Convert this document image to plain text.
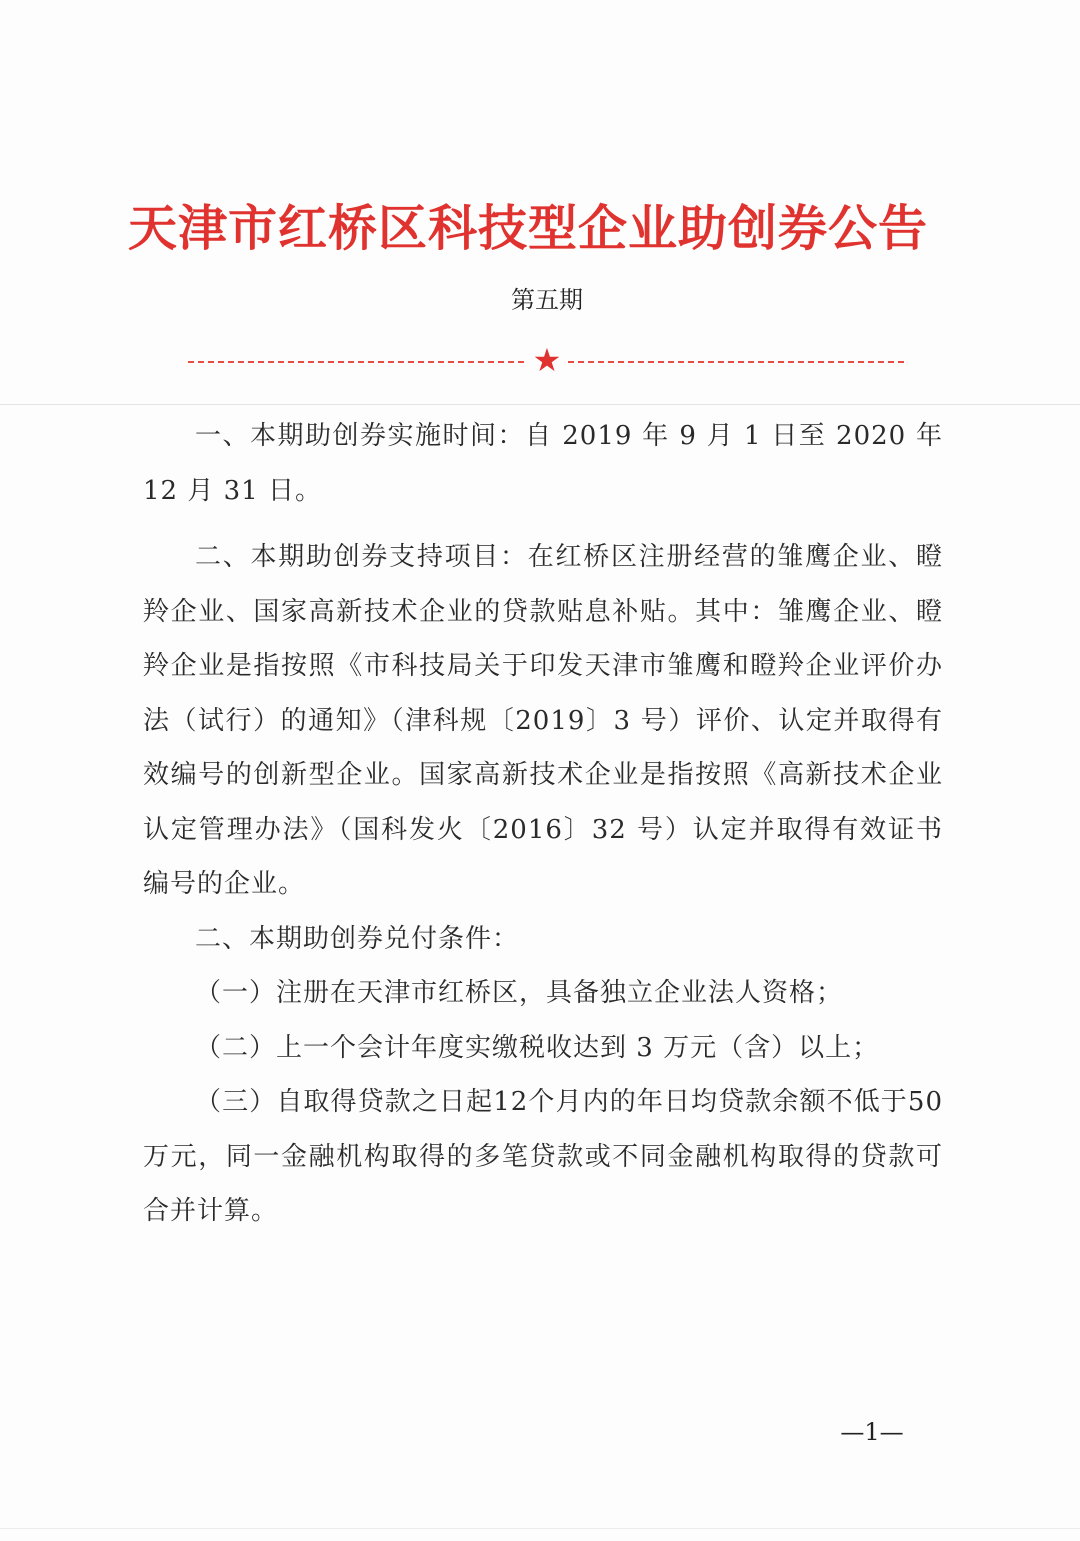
天津市红桥区科技型企业助创券公告
第五期
★

一、本期助创券实施时间：自 2019 年 9 月 1 日至 2020 年 12 月 31 日。

二、本期助创券支持项目：在红桥区注册经营的雏鹰企业、瞪羚企业、国家高新技术企业的贷款贴息补贴。其中：雏鹰企业、瞪羚企业是指按照《市科技局关于印发天津市雏鹰和瞪羚企业评价办法（试行）的通知》（津科规〔2019〕3 号）评价、认定并取得有效编号的创新型企业。国家高新技术企业是指按照《高新技术企业认定管理办法》（国科发火〔2016〕32 号）认定并取得有效证书编号的企业。

二、本期助创券兑付条件：

（一）注册在天津市红桥区，具备独立企业法人资格；

（二）上一个会计年度实缴税收达到 3 万元（含）以上；

（三）自取得贷款之日起12个月内的年日均贷款余额不低于50万元，同一金融机构取得的多笔贷款或不同金融机构取得的贷款可合并计算。

—1—
